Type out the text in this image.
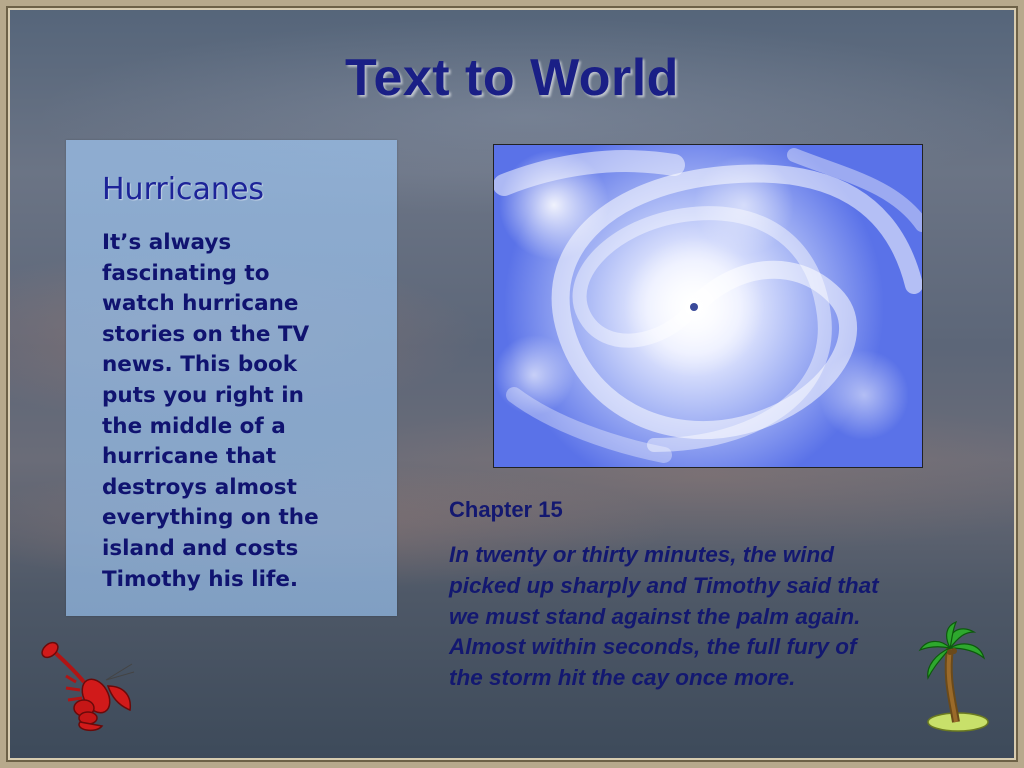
Text to World
Hurricanes
It’s always
fascinating to
watch hurricane
stories on the TV
news. This book
puts you right in
the middle of a
hurricane that
destroys almost
everything on the
island and costs
Timothy his life.
Chapter 15
In twenty or thirty minutes, the wind
picked up sharply and Timothy said that
we must stand against the palm again.
Almost within seconds, the full fury of
the storm hit the cay once more.
